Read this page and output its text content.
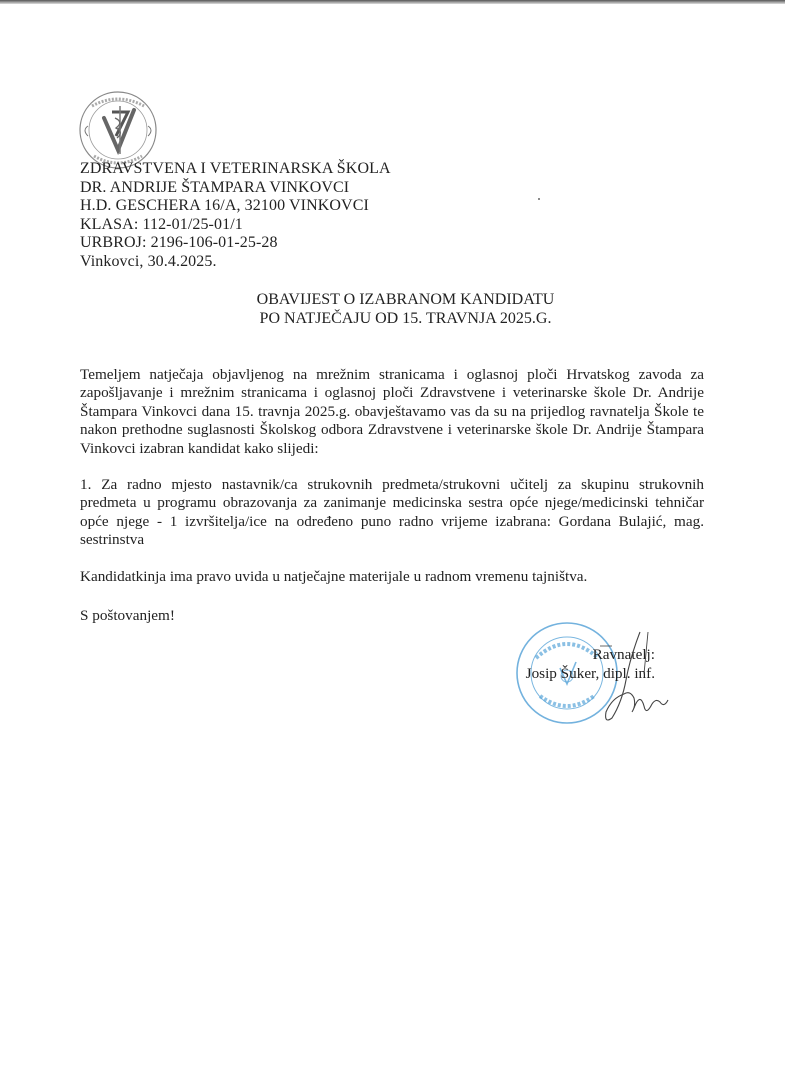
ZDRAVSTVENA I VETERINARSKA ŠKOLA
DR. ANDRIJE ŠTAMPARA VINKOVCI
H.D. GESCHERA 16/A, 32100 VINKOVCI
KLASA: 112-01/25-01/1
URBROJ: 2196-106-01-25-28
Vinkovci, 30.4.2025.
OBAVIJEST O IZABRANOM KANDIDATU
PO NATJEČAJU OD 15. TRAVNJA 2025.G.
Temeljem natječaja objavljenog na mrežnim stranicama i oglasnoj ploči Hrvatskog zavoda za zapošljavanje i mrežnim stranicama i oglasnoj ploči Zdravstvene i veterinarske škole Dr. Andrije Štampara Vinkovci dana 15. travnja 2025.g. obavještavamo vas da su na prijedlog ravnatelja Škole te nakon prethodne suglasnosti Školskog odbora Zdravstvene i veterinarske škole Dr. Andrije Štampara Vinkovci izabran kandidat kako slijedi:
1. Za radno mjesto nastavnik/ca strukovnih predmeta/strukovni učitelj za skupinu strukovnih predmeta u programu obrazovanja za zanimanje medicinska sestra opće njege/medicinski tehničar opće njege - 1 izvršitelja/ice na određeno puno radno vrijeme izabrana: Gordana Bulajić, mag. sestrinstva
Kandidatkinja ima pravo uvida u natječajne materijale u radnom vremenu tajništva.
S poštovanjem!
Ravnatelj:
Josip Šuker, dipl. inf.
